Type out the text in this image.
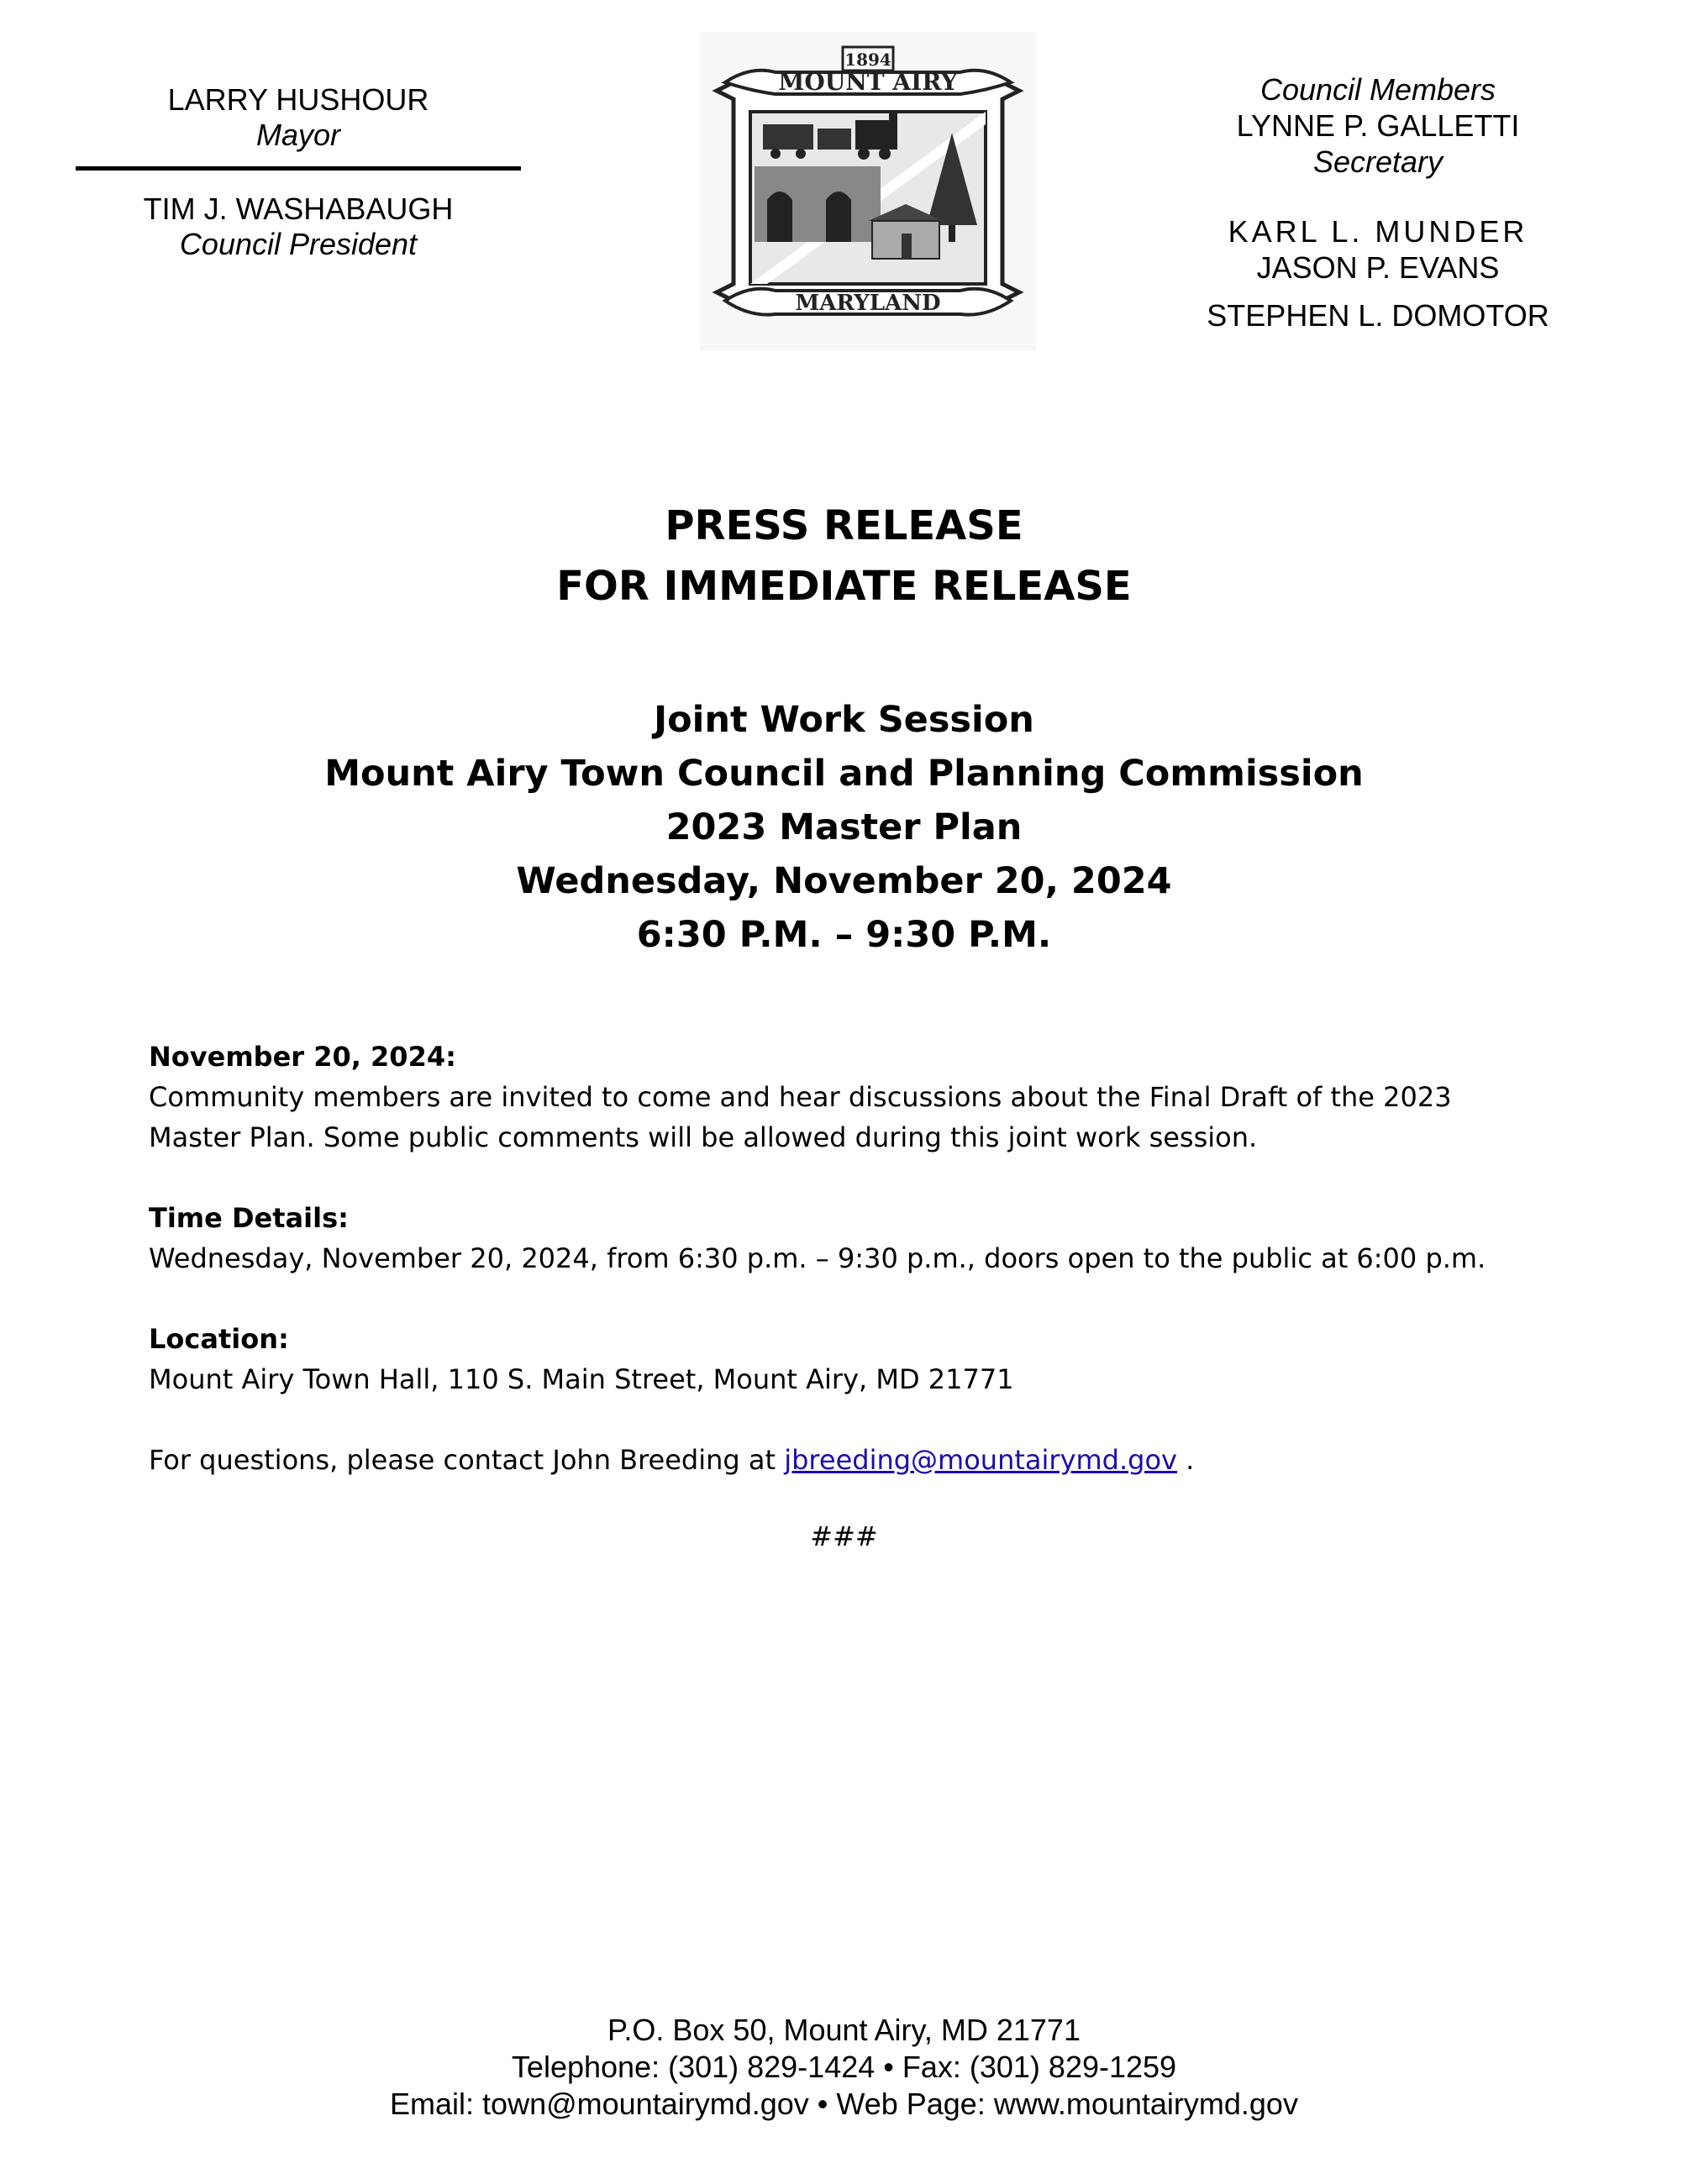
LARRY HUSHOUR
Mayor
TIM J. WASHABAUGH
Council President
1894
MOUNT AIRY
MARYLAND
Council Members
LYNNE P. GALLETTI
Secretary
KARL L. MUNDER
JASON P. EVANS
STEPHEN L. DOMOTOR
PRESS RELEASE
FOR IMMEDIATE RELEASE
Joint Work Session
Mount Airy Town Council and Planning Commission
2023 Master Plan
Wednesday, November 20, 2024
6:30 P.M. – 9:30 P.M.
November 20, 2024:
Community members are invited to come and hear discussions about the Final Draft of the 2023
Master Plan. Some public comments will be allowed during this joint work session.
Time Details:
Wednesday, November 20, 2024, from 6:30 p.m. – 9:30 p.m., doors open to the public at 6:00 p.m.
Location:
Mount Airy Town Hall, 110 S. Main Street, Mount Airy, MD 21771
For questions, please contact John Breeding at jbreeding@mountairymd.gov .
###
P.O. Box 50, Mount Airy, MD 21771
Telephone: (301) 829-1424 • Fax: (301) 829-1259
Email: town@mountairymd.gov • Web Page: www.mountairymd.gov
